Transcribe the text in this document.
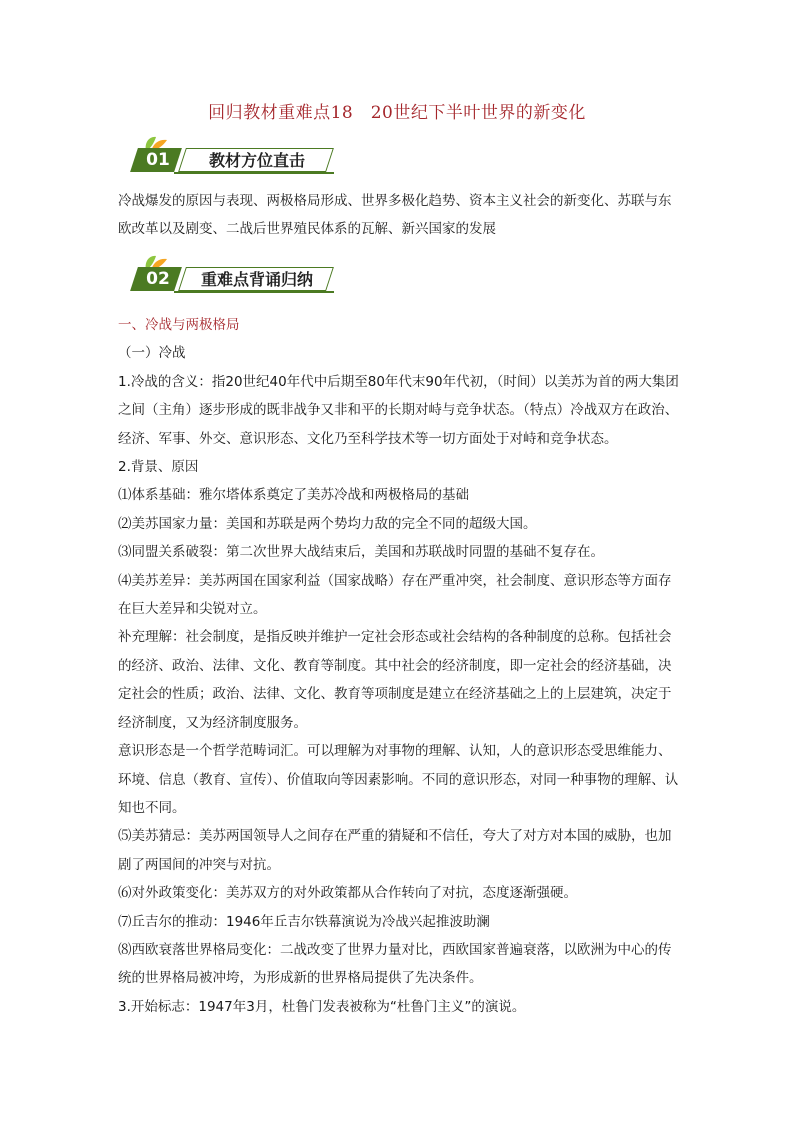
回归教材重难点18　20世纪下半叶世界的新变化
01	教材方位直击

冷战爆发的原因与表现、两极格局形成、世界多极化趋势、资本主义社会的新变化、苏联与东欧改革以及剧变、二战后世界殖民体系的瓦解、新兴国家的发展

02	重难点背诵归纳

一、冷战与两极格局

（一）冷战

1.冷战的含义：指20世纪40年代中后期至80年代末90年代初，（时间）以美苏为首的两大集团之间（主角）逐步形成的既非战争又非和平的长期对峙与竞争状态。（特点）冷战双方在政治、经济、军事、外交、意识形态、文化乃至科学技术等一切方面处于对峙和竞争状态。

2.背景、原因

⑴体系基础：雅尔塔体系奠定了美苏冷战和两极格局的基础

⑵美苏国家力量：美国和苏联是两个势均力敌的完全不同的超级大国。

⑶同盟关系破裂：第二次世界大战结束后，美国和苏联战时同盟的基础不复存在。

⑷美苏差异：美苏两国在国家利益（国家战略）存在严重冲突，社会制度、意识形态等方面存在巨大差异和尖锐对立。

补充理解：社会制度，是指反映并维护一定社会形态或社会结构的各种制度的总称。包括社会的经济、政治、法律、文化、教育等制度。其中社会的经济制度，即一定社会的经济基础，决定社会的性质；政治、法律、文化、教育等项制度是建立在经济基础之上的上层建筑，决定于经济制度，又为经济制度服务。

意识形态是一个哲学范畴词汇。可以理解为对事物的理解、认知，人的意识形态受思维能力、环境、信息（教育、宣传）、价值取向等因素影响。不同的意识形态，对同一种事物的理解、认知也不同。

⑸美苏猜忌：美苏两国领导人之间存在严重的猜疑和不信任，夸大了对方对本国的威胁，也加剧了两国间的冲突与对抗。

⑹对外政策变化：美苏双方的对外政策都从合作转向了对抗，态度逐渐强硬。

⑺丘吉尔的推动：1946年丘吉尔铁幕演说为冷战兴起推波助澜

⑻西欧衰落世界格局变化：二战改变了世界力量对比，西欧国家普遍衰落，以欧洲为中心的传统的世界格局被冲垮，为形成新的世界格局提供了先决条件。

3.开始标志：1947年3月，杜鲁门发表被称为“杜鲁门主义”的演说。
